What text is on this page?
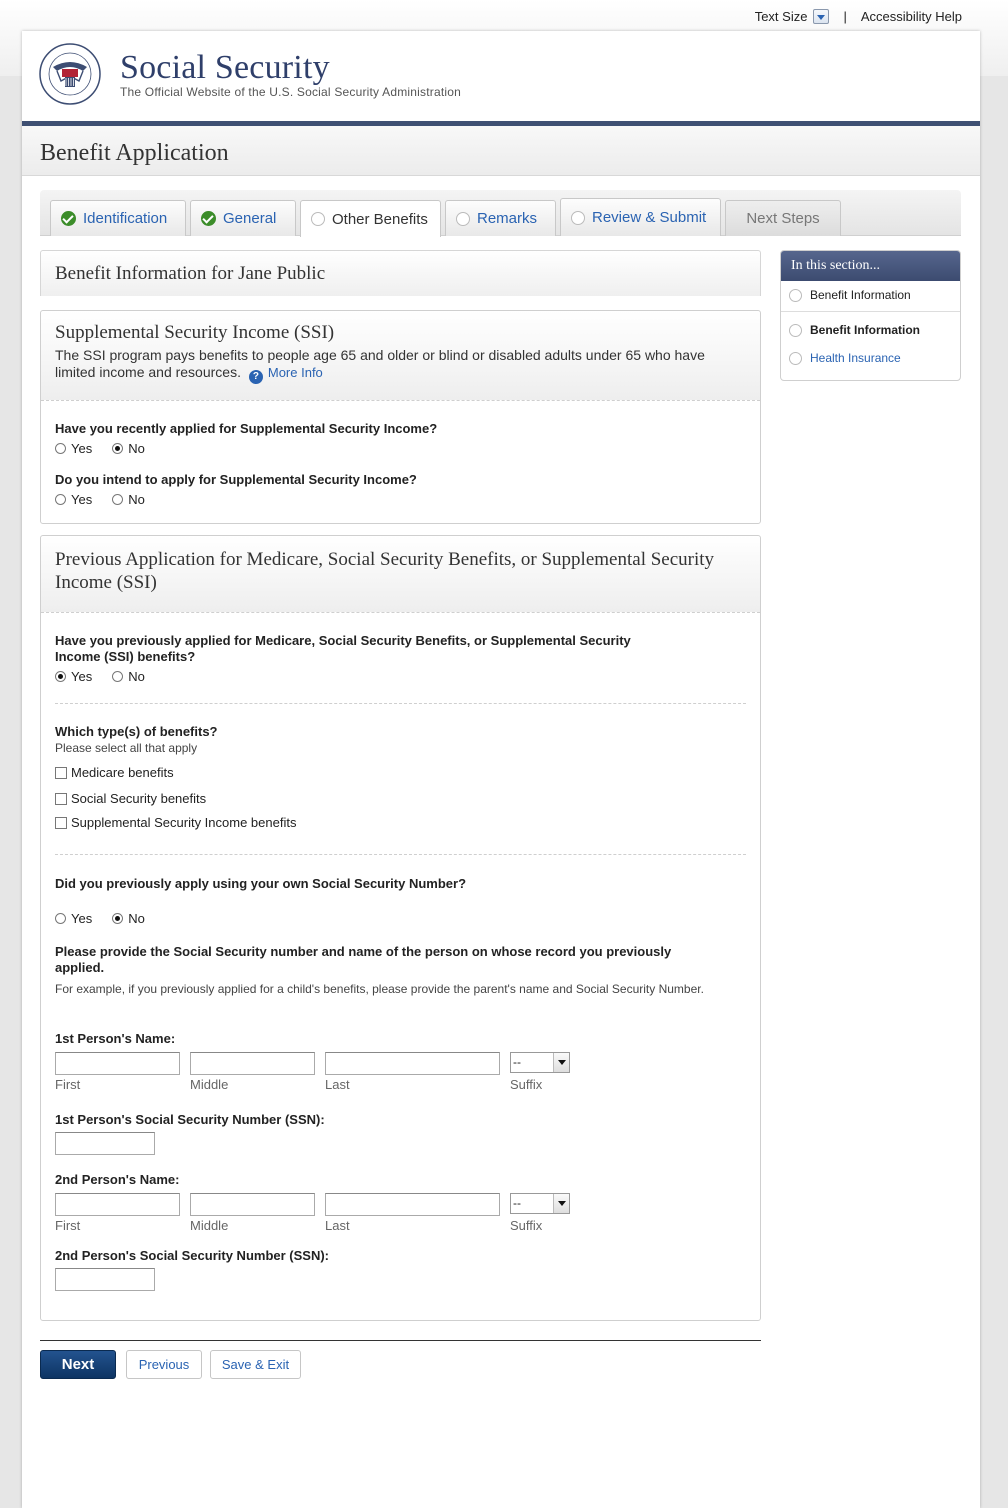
Text Size	| Accessibility Help
Social Security
The Official Website of the U.S. Social Security Administration
Benefit Application
Identification	General	Other Benefits	Remarks	Review & Submit	Next Steps
Benefit Information for Jane Public
Supplemental Security Income (SSI)
The SSI program pays benefits to people age 65 and older or blind or disabled adults under 65 who have limited income and resources. ? More Info
Have you recently applied for Supplemental Security Income?
Yes	No
Do you intend to apply for Supplemental Security Income?
Yes	No
Previous Application for Medicare, Social Security Benefits, or Supplemental Security Income (SSI)
Have you previously applied for Medicare, Social Security Benefits, or Supplemental Security Income (SSI) benefits?
Yes	No
Which type(s) of benefits?
Please select all that apply
Medicare benefits
Social Security benefits
Supplemental Security Income benefits
Did you previously apply using your own Social Security Number?
Yes	No
Please provide the Social Security number and name of the person on whose record you previously applied.
For example, if you previously applied for a child's benefits, please provide the parent's name and Social Security Number.
1st Person's Name:
--
First	Middle	Last	Suffix
1st Person's Social Security Number (SSN):
2nd Person's Name:
--
First	Middle	Last	Suffix
2nd Person's Social Security Number (SSN):
In this section...
Benefit Information
Benefit Information
Health Insurance
Next	Previous	Save & Exit
